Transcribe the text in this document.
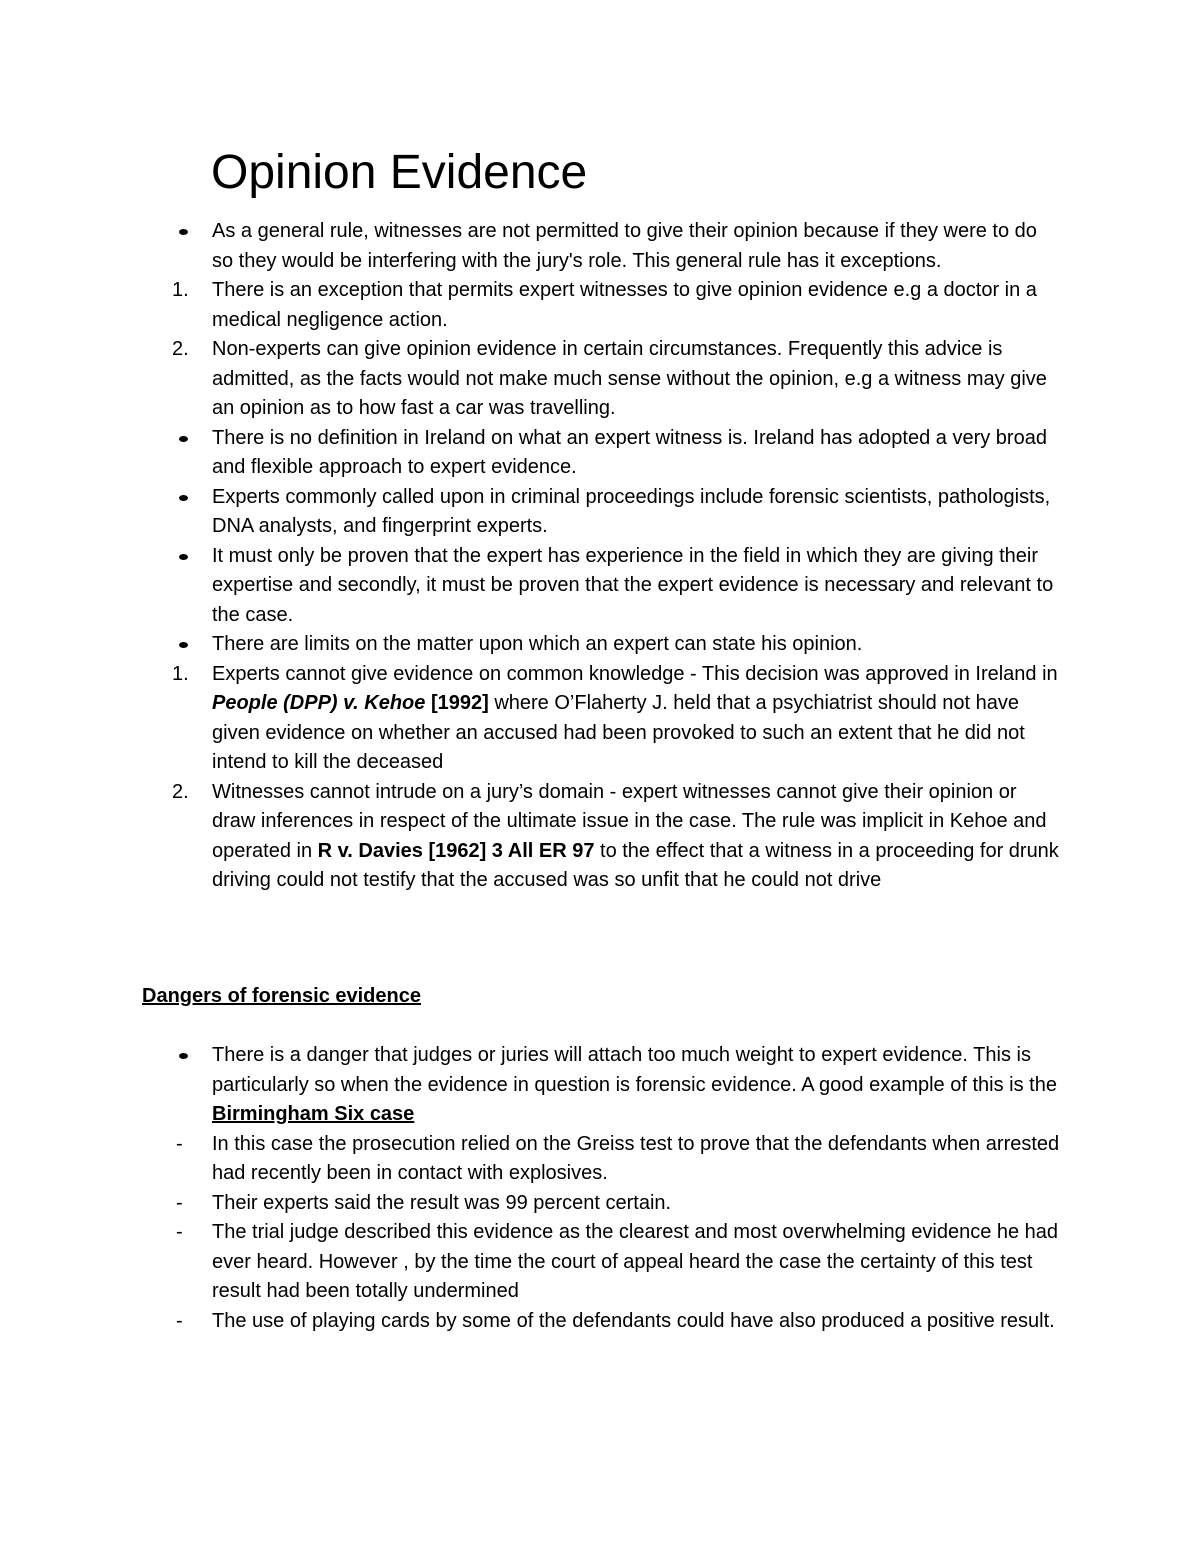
Opinion Evidence
As a general rule, witnesses are not permitted to give their opinion because if they were to do so they would be interfering with the jury's role. This general rule has it exceptions.
1.	There is an exception that permits expert witnesses to give opinion evidence e.g a doctor in a medical negligence action.
2.	Non-experts can give opinion evidence in certain circumstances. Frequently this advice is admitted, as the facts would not make much sense without the opinion, e.g a witness may give an opinion as to how fast a car was travelling.
There is no definition in Ireland on what an expert witness is. Ireland has adopted a very broad and flexible approach to expert evidence.
Experts commonly called upon in criminal proceedings include forensic scientists, pathologists, DNA analysts, and fingerprint experts.
It must only be proven that the expert has experience in the field in which they are giving their expertise and secondly, it must be proven that the expert evidence is necessary and relevant to the case.
There are limits on the matter upon which an expert can state his opinion.
1.	Experts cannot give evidence on common knowledge - This decision was approved in Ireland in People (DPP) v. Kehoe [1992] where O’Flaherty J. held that a psychiatrist should not have given evidence on whether an accused had been provoked to such an extent that he did not intend to kill the deceased
2.	Witnesses cannot intrude on a jury’s domain - expert witnesses cannot give their opinion or draw inferences in respect of the ultimate issue in the case. The rule was implicit in Kehoe and operated in R v. Davies [1962] 3 All ER 97 to the effect that a witness in a proceeding for drunk driving could not testify that the accused was so unfit that he could not drive
Dangers of forensic evidence
There is a danger that judges or juries will attach too much weight to expert evidence. This is particularly so when the evidence in question is forensic evidence. A good example of this is the Birmingham Six case
-	In this case the prosecution relied on the Greiss test to prove that the defendants when arrested had recently been in contact with explosives.
-	Their experts said the result was 99 percent certain.
-	The trial judge described this evidence as the clearest and most overwhelming evidence he had ever heard. However , by the time the court of appeal heard the case the certainty of this test result had been totally undermined
-	The use of playing cards by some of the defendants could have also produced a positive result.
